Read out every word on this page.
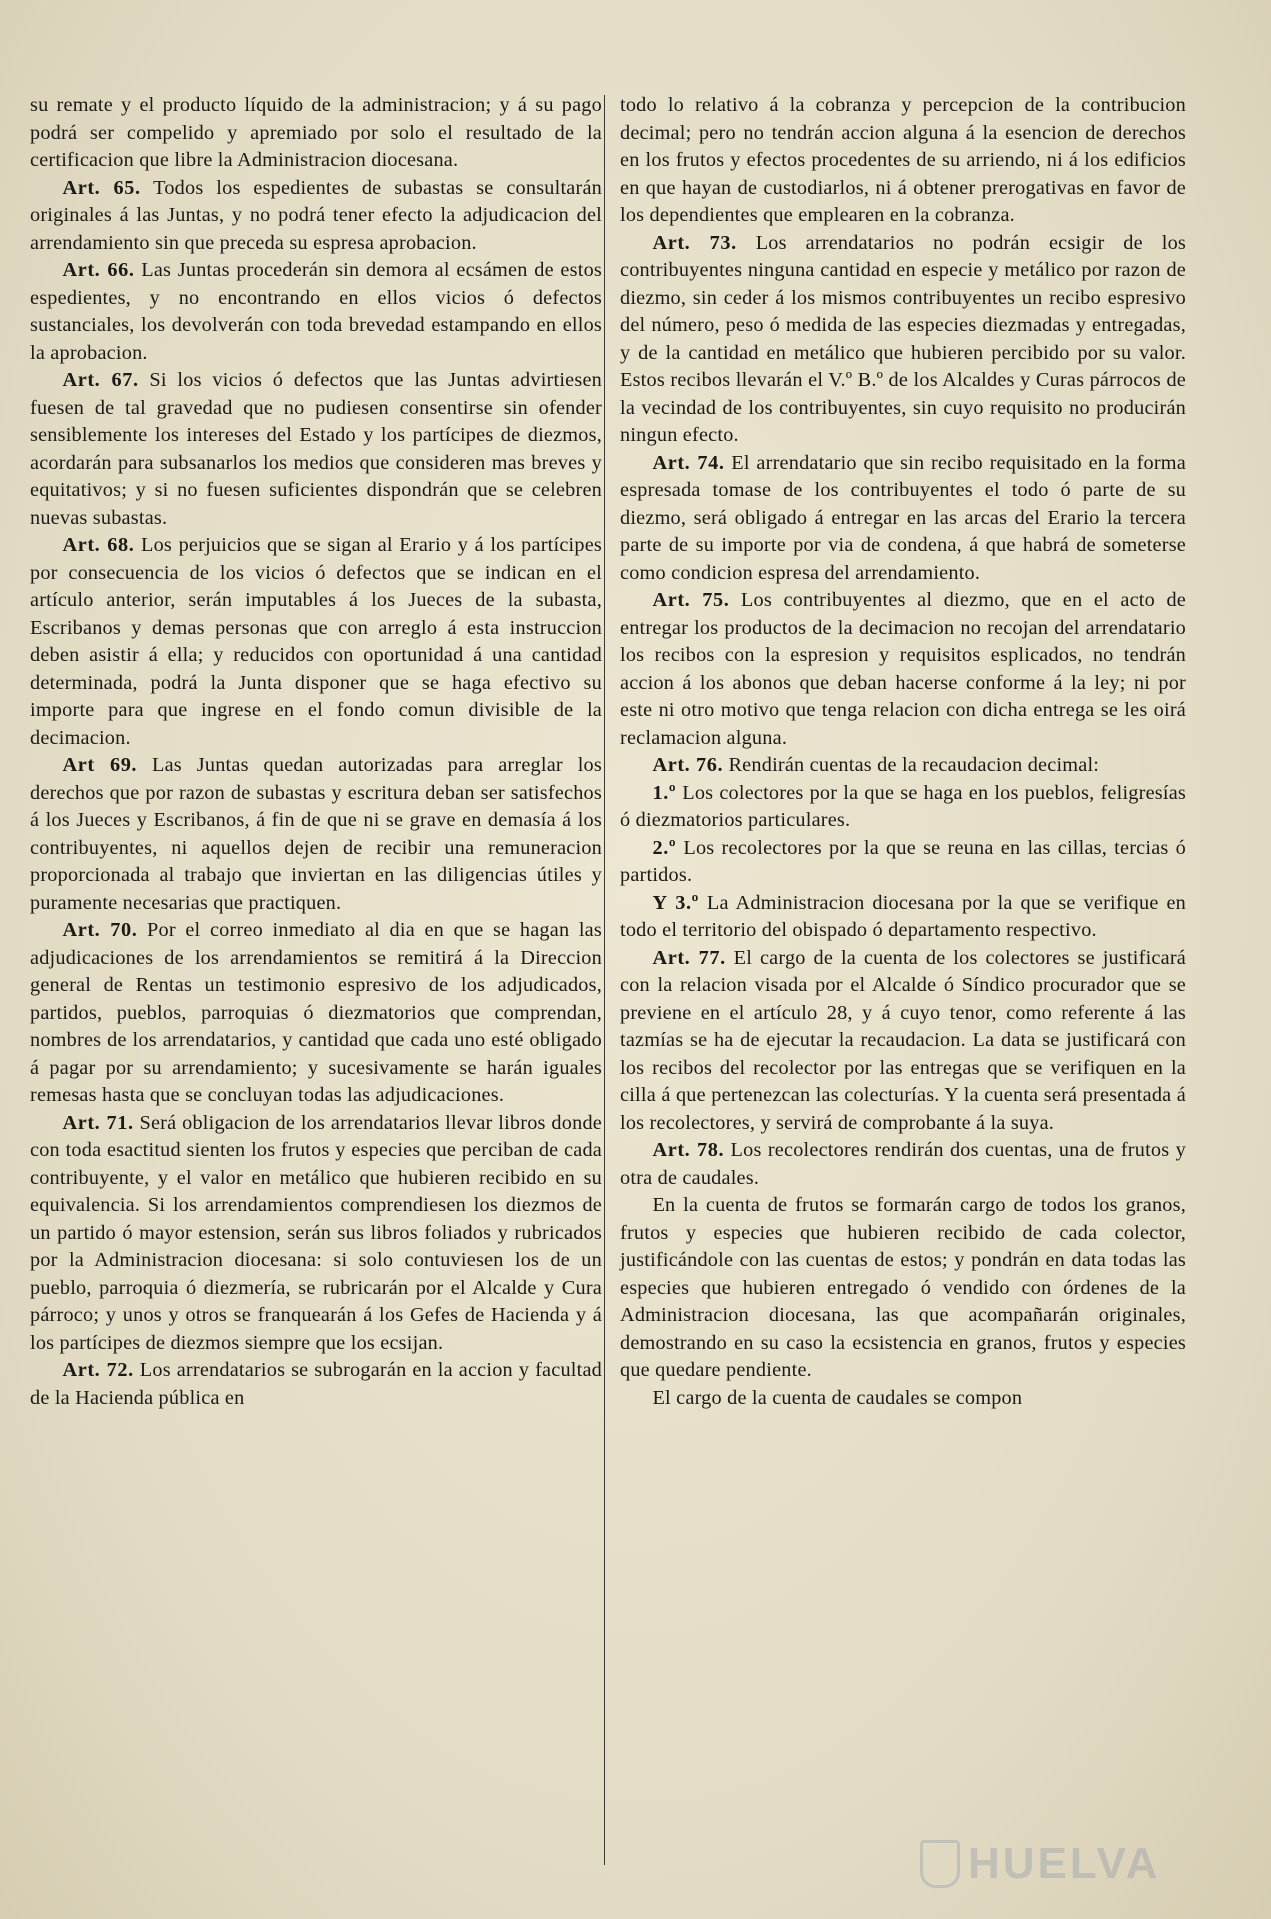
su remate y el producto líquido de la administracion; y á su pago podrá ser compelido y apremiado por solo el resultado de la certificacion que libre la Administracion diocesana.

Art. 65. Todos los espedientes de subastas se consultarán originales á las Juntas, y no podrá tener efecto la adjudicacion del arrendamiento sin que preceda su espresa aprobacion.

Art. 66. Las Juntas procederán sin demora al ecsámen de estos espedientes, y no encontrando en ellos vicios ó defectos sustanciales, los devolverán con toda brevedad estampando en ellos la aprobacion.

Art. 67. Si los vicios ó defectos que las Juntas advirtiesen fuesen de tal gravedad que no pudiesen consentirse sin ofender sensiblemente los intereses del Estado y los partícipes de diezmos, acordarán para subsanarlos los medios que consideren mas breves y equitativos; y si no fuesen suficientes dispondrán que se celebren nuevas subastas.

Art. 68. Los perjuicios que se sigan al Erario y á los partícipes por consecuencia de los vicios ó defectos que se indican en el artículo anterior, serán imputables á los Jueces de la subasta, Escribanos y demas personas que con arreglo á esta instruccion deben asistir á ella; y reducidos con oportunidad á una cantidad determinada, podrá la Junta disponer que se haga efectivo su importe para que ingrese en el fondo comun divisible de la decimacion.

Art 69. Las Juntas quedan autorizadas para arreglar los derechos que por razon de subastas y escritura deban ser satisfechos á los Jueces y Escribanos, á fin de que ni se grave en demasía á los contribuyentes, ni aquellos dejen de recibir una remuneracion proporcionada al trabajo que inviertan en las diligencias útiles y puramente necesarias que practiquen.

Art. 70. Por el correo inmediato al dia en que se hagan las adjudicaciones de los arrendamientos se remitirá á la Direccion general de Rentas un testimonio espresivo de los adjudicados, partidos, pueblos, parroquias ó diezmatorios que comprendan, nombres de los arrendatarios, y cantidad que cada uno esté obligado á pagar por su arrendamiento; y sucesivamente se harán iguales remesas hasta que se concluyan todas las adjudicaciones.

Art. 71. Será obligacion de los arrendatarios llevar libros donde con toda esactitud sienten los frutos y especies que perciban de cada contribuyente, y el valor en metálico que hubieren recibido en su equivalencia. Si los arrendamientos comprendiesen los diezmos de un partido ó mayor estension, serán sus libros foliados y rubricados por la Administracion diocesana: si solo contuviesen los de un pueblo, parroquia ó diezmería, se rubricarán por el Alcalde y Cura párroco; y unos y otros se franquearán á los Gefes de Hacienda y á los partícipes de diezmos siempre que los ecsijan.

Art. 72. Los arrendatarios se subrogarán en la accion y facultad de la Hacienda pública en

todo lo relativo á la cobranza y percepcion de la contribucion decimal; pero no tendrán accion alguna á la esencion de derechos en los frutos y efectos procedentes de su arriendo, ni á los edificios en que hayan de custodiarlos, ni á obtener prerogativas en favor de los dependientes que emplearen en la cobranza.

Art. 73. Los arrendatarios no podrán ecsigir de los contribuyentes ninguna cantidad en especie y metálico por razon de diezmo, sin ceder á los mismos contribuyentes un recibo espresivo del número, peso ó medida de las especies diezmadas y entregadas, y de la cantidad en metálico que hubieren percibido por su valor. Estos recibos llevarán el V.º B.º de los Alcaldes y Curas párrocos de la vecindad de los contribuyentes, sin cuyo requisito no producirán ningun efecto.

Art. 74. El arrendatario que sin recibo requisitado en la forma espresada tomase de los contribuyentes el todo ó parte de su diezmo, será obligado á entregar en las arcas del Erario la tercera parte de su importe por via de condena, á que habrá de someterse como condicion espresa del arrendamiento.

Art. 75. Los contribuyentes al diezmo, que en el acto de entregar los productos de la decimacion no recojan del arrendatario los recibos con la espresion y requisitos esplicados, no tendrán accion á los abonos que deban hacerse conforme á la ley; ni por este ni otro motivo que tenga relacion con dicha entrega se les oirá reclamacion alguna.

Art. 76. Rendirán cuentas de la recaudacion decimal:

1.º Los colectores por la que se haga en los pueblos, feligresías ó diezmatorios particulares.

2.º Los recolectores por la que se reuna en las cillas, tercias ó partidos.

Y 3.º La Administracion diocesana por la que se verifique en todo el territorio del obispado ó departamento respectivo.

Art. 77. El cargo de la cuenta de los colectores se justificará con la relacion visada por el Alcalde ó Síndico procurador que se previene en el artículo 28, y á cuyo tenor, como referente á las tazmías se ha de ejecutar la recaudacion. La data se justificará con los recibos del recolector por las entregas que se verifiquen en la cilla á que pertenezcan las colecturías. Y la cuenta será presentada á los recolectores, y servirá de comprobante á la suya.

Art. 78. Los recolectores rendirán dos cuentas, una de frutos y otra de caudales.

En la cuenta de frutos se formarán cargo de todos los granos, frutos y especies que hubieren recibido de cada colector, justificándole con las cuentas de estos; y pondrán en data todas las especies que hubieren entregado ó vendido con órdenes de la Administracion diocesana, las que acompañarán originales, demostrando en su caso la ecsistencia en granos, frutos y especies que quedare pendiente.

El cargo de la cuenta de caudales se compon

HUELVA
